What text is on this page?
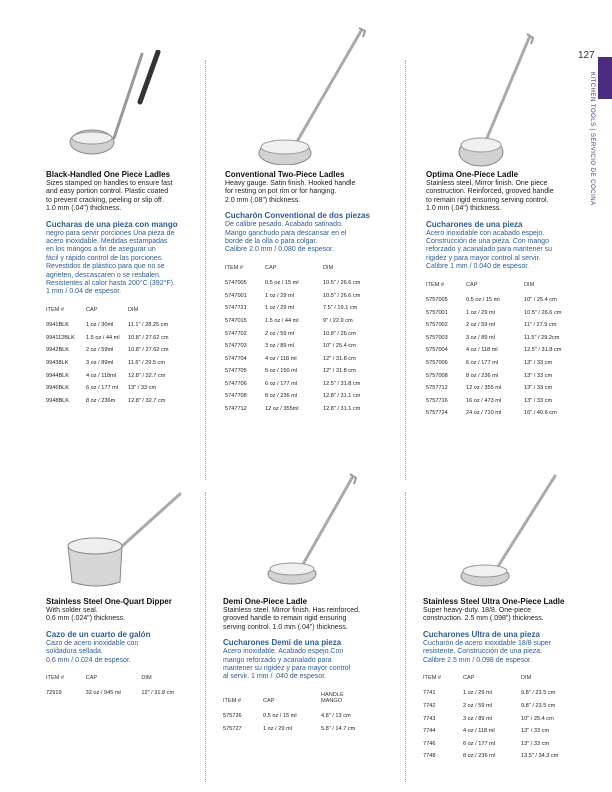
127
KITCHEN TOOLS | SERVICIO DE COCINA
Black-Handled One Piece Ladles
Sizes stamped on handles to ensure fast
and easy portion control. Plastic coated
to prevent cracking, peeling or slip off.
1.0 mm (.04") thickness.
Cucharas de una pieza con mango
negro para servir porciones Una pieza de
acero inoxidable. Medidas estampadas
en los mangos a fin de asegurar un
fácil y rápido control de las porciones.
Revestidos de plástico para que no se
agrieten, descascaren o se resbalen.
Resistentes al calor hasta 200°C (392°F).
1 mm / 0.04 de espesor.
ITEM #	CAP	DIM
9941BLK	1 oz / 30ml	11.1" / 28.25 cm
994112BLK	1.5 oz / 44 ml	10.8" / 27.62 cm
9942BLK	2 oz / 59ml	10.8" / 27.62 cm
99438LK	3 oz / 89ml	11.6" / 29.5 cm
9944BLK	4 oz / 118ml	12.8" / 32.7 cm
9946BLK	6 oz / 177 ml	13" / 33 cm
9948BLK	8 oz / 236m	12.8" / 32.7 cm
Conventional Two-Piece Ladles
Heavy gauge. Satin finish. Hooked handle
for resting on pot rim or for hanging.
2.0 mm (.08") thickness.
Cucharón Conventional de dos piezas
De calibre pesado. Acabado satinado.
Mango ganchudo para descansar en el
borde de la olla o para colgar.
Calibre 2.0 mm / 0.080 de espesor.
ITEM #	CAP	DIM
5747005	0.5 oz / 15 ml	10.5" / 26.6 cm
5747001	1 oz / 29 ml	10.5" / 26.6 cm
5747721	1 oz / 29 ml	7.5" / 19.1 cm
5747015	1.5 oz / 44 ml	9" / 22.9 cm
5747702	2 oz / 59 ml	10.8" / 26 cm
5747703	3 oz / 89 ml	10" / 25.4 cm
5747704	4 oz / 118 ml	12" / 31.8 cm
5747705	5 oz / 150 ml	12" / 31.8 cm
5747706	6 oz / 177 ml	12.5" / 31.8 cm
5747708	8 oz / 236 ml	12.8" / 31.1 cm
5747712	12 oz / 355ml	12.8" / 31.1 cm
Optima One-Piece Ladle
Stainless steel, Mirror finish. One piece
construction. Reinforced, grooved handle
to remain rigid ensuring serving control.
1.0 mm (.04") thickness.
Cucharones de una pieza
Acero inoxidable con acabado espejo.
Construcción de una pieza. Con mango
reforzado y acanalado para mantener su
rigidez y para mayor control al servir.
Calibre 1 mm / 0.040 de espesor.
ITEM #	CAP	DIM
5757005	0.5 oz / 15 ml	10" / 25.4 cm
5757001	1 oz / 29 ml	10.5" / 26.6 cm
5757002	2 oz / 59 ml	11" / 27.9 cm
5757003	3 oz / 89 ml	11.5" / 29.2cm
5757004	4 oz / 118 ml	12.5" / 31.8 cm
5757006	6 oz / 177 ml	13" / 33 cm
5757008	8 oz / 236 ml	13" / 33 cm
5757712	12 oz / 355 ml	13" / 33 cm
5757716	16 oz / 473 ml	13" / 33 cm
5757724	24 oz / 710 ml	16" / 40.6 cm
Stainless Steel One-Quart Dipper
With solder seal.
0.6 mm (.024") thickness.
Cazo de un cuarto de galón
Cazo de acero inoxidable con
soldadura sellada.
0.6 mm / 0.024 de espesor.
ITEM #	CAP	DIM
72919	32 oz / 945 ml	12" / 31.8 cm
Demi One-Piece Ladle
Stainless steel. Mirror finish. Has reinforced,
grooved handle to remain rigid ensuring
serving control. 1.0 mm (.04") thickness.
Cucharones Demi de una pieza
Acero inoxidable. Acabado espejo.Con
mango reforzado y acanalado para
mantener su rigidez y para mayor control
al servir. 1 mm / .040 de espesor.
ITEM #	CAP	HANDLE
MANGO
575726	0.5 oz / 15 ml	4.8" / 13 cm
575727	1 oz / 29 ml	5.8" / 14.7 cm
Stainless Steel Ultra One-Piece Ladle
Super heavy-duty. 18/8. One-piece
construction. 2.5 mm (.098") thickness.
Cucharones Ultra de una pieza
Cucharón de acero inoxidable 18/8 super
resistente. Construcción de una pieza.
Calibre 2.5 mm / 0.098 de espesor.
ITEM #	CAP	DIM
7741	1 oz / 29 ml	9.8" / 23.5 cm
7742	2 oz / 59 ml	9.8" / 23.5 cm
7743	3 oz / 89 ml	10" / 25.4 cm
7744	4 oz / 118 ml	13" / 33 cm
7746	6 oz / 177 ml	13" / 33 cm
7748	8 oz / 236 ml	13.5" / 34.3 cm
